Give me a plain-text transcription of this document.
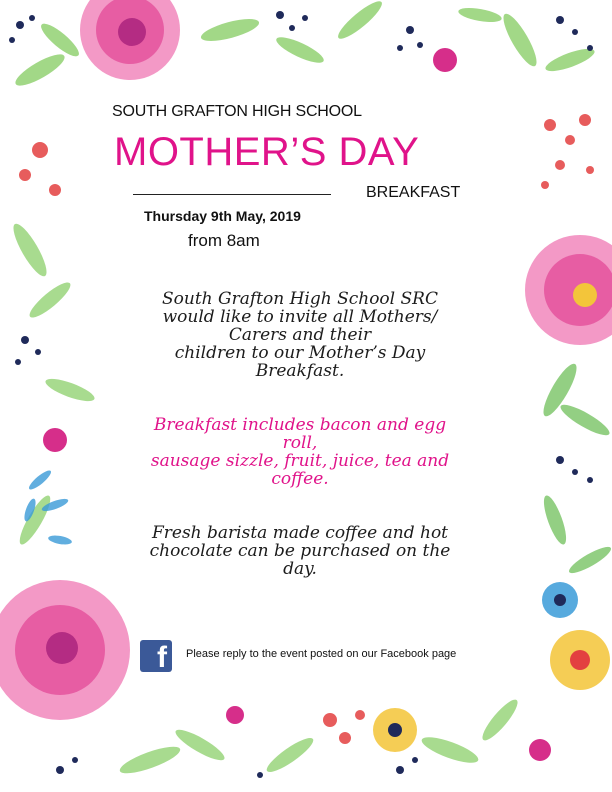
SOUTH GRAFTON HIGH SCHOOL

MOTHER’S DAY

BREAKFAST

Thursday 9th May, 2019

from 8am

South Grafton High School SRC
would like to invite all Mothers/
Carers and their
children to our Mother’s Day
Breakfast.
Breakfast includes bacon and egg
roll,
sausage sizzle, fruit, juice, tea and
coffee.
Fresh barista made coffee and hot
chocolate can be purchased on the
day.
f Please reply to the event posted on our Facebook page
